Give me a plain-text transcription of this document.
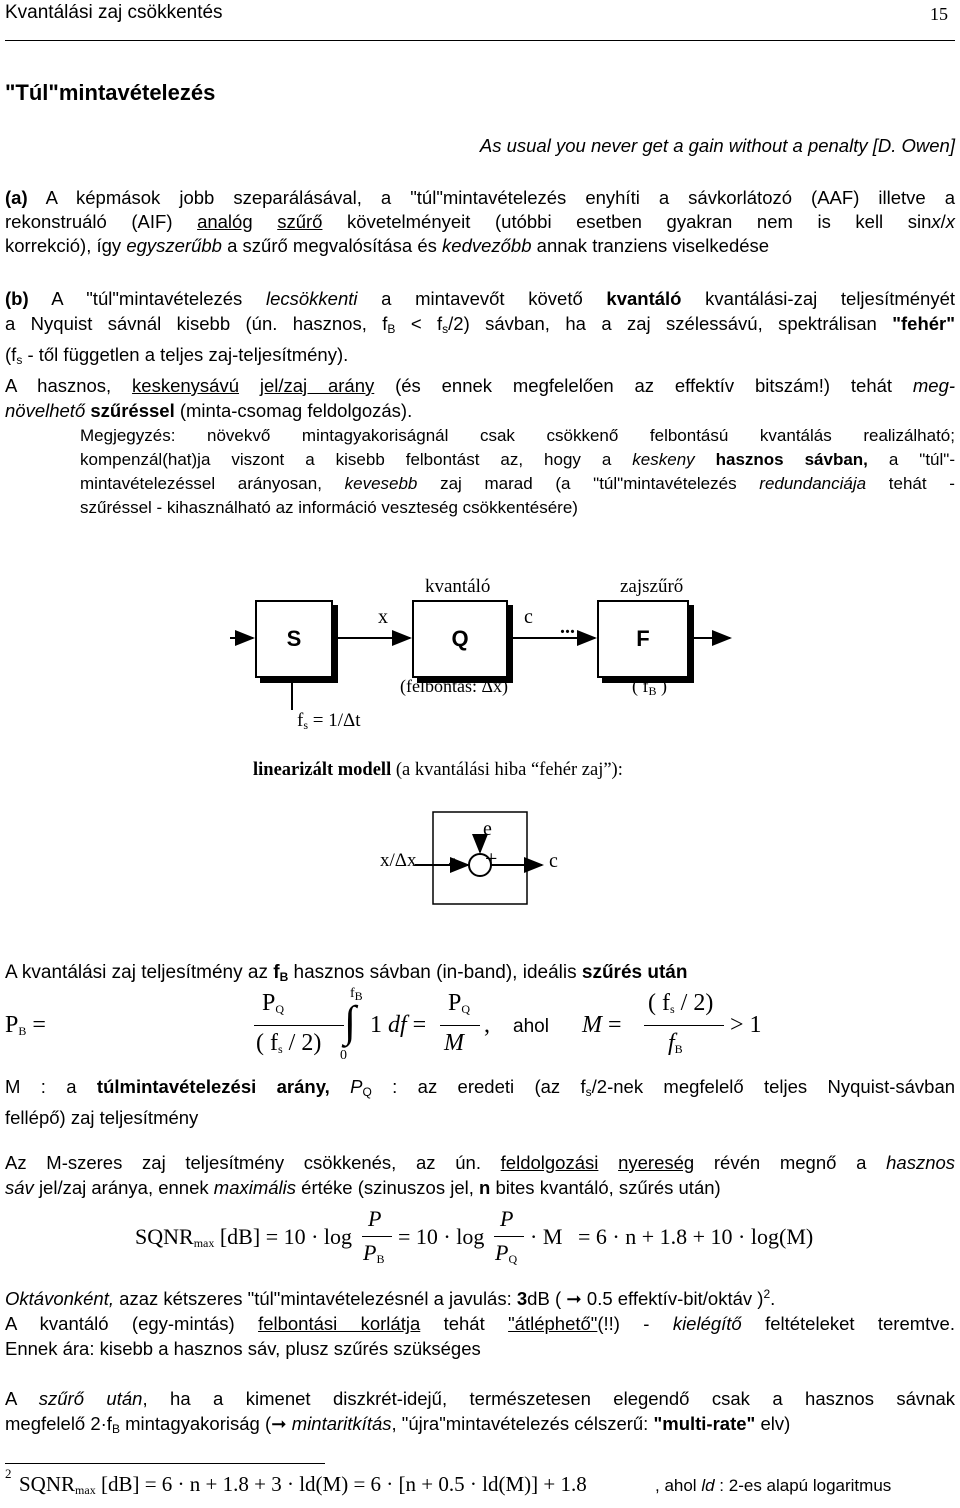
Kvantálási zaj csökkentés	15
"Túl"mintavételezés
As usual you never get a gain without a penalty [D. Owen]
(a) A képmások jobb szeparálásával, a "túl"mintavételezés enyhíti a sávkorlátozó (AAF) illetve a
rekonstruáló (AIF) analóg szűrő követelményeit (utóbbi esetben gyakran nem is kell sinx/x
korrekció), így egyszerűbb a szűrő megvalósítása és kedvezőbb annak tranziens viselkedése
(b) A "túl"mintavételezés lecsökkenti a mintavevőt követő kvantáló kvantálási-zaj teljesítményét
a Nyquist sávnál kisebb (ún. hasznos, $f_B < f_s/2$) sávban, ha a zaj szélessávú, spektrálisan "fehér"
($f_s$ - től független a teljes zaj-teljesítmény).
A hasznos, keskenysávú jel/zaj arány (és ennek megfelelően az effektív bitszám!) tehát meg-
növelhető szűréssel (minta-csomag feldolgozás).
Megjegyzés: növekvő mintagyakoriságnál csak csökkenő felbontású kvantálás realizálható;
kompenzál(hat)ja viszont a kisebb felbontást az, hogy a keskeny hasznos sávban, a "túl"-
mintavételezéssel arányosan, kevesebb zaj marad (a "túl"mintavételezés redundanciája tehát -
szűréssel - kihasználható az információ veszteség csökkentésére)
S	Q	F
kvantáló	zajszűrő
x	c ...
(felbontás: Δx)	( $f_B$ )
$f_s = 1/\Delta t$
linearizált modell (a kvantálási hiba “fehér zaj”):
x/Δx + +
e
c
A kvantálási zaj teljesítmény az $f_B$ hasznos sávban (in-band), ideális szűrés után
$P_B$ =
$P_Q$
( $f_s / 2$)
$f_B$
∫
0
1 df =
$P_Q$
M
, ahol M =
( $f_s / 2$)
$f_B$
> 1
M : a túlmintavételezési arány, $P_Q$ : az eredeti (az $f_s/2$-nek megfelelő teljes Nyquist-sávban
fellépő) zaj teljesítmény
Az M-szeres zaj teljesítmény csökkenés, az ún. feldolgozási nyereség révén megnő a hasznos
sáv jel/zaj aránya, ennek maximális értéke (szinuszos jel, n bites kvantáló, szűrés után)
$SQNR_{max}$ [dB] = 10 · log
P
$P_B$
= 10 · log
P
$P_Q$
· M = 6 · n + 1.8 + 10 · log(M)
Oktávonként, azaz kétszeres "túl"mintavételezésnél a javulás: 3dB ( ➞ 0.5 effektív-bit/oktáv )$^2$.
A kvantáló (egy-mintás) felbontási korlátja tehát "átléphető"(!!) - kielégítő feltételeket teremtve.
Ennek ára: kisebb a hasznos sáv, plusz szűrés szükséges
A szűrő után, ha a kimenet diszkrét-idejű, természetesen elegendő csak a hasznos sávnak
megfelelő $2\cdot f_B$ mintagyakoriság (➞ mintaritkítás, "újra"mintavételezés célszerű: "multi-rate" elv)
2 $SQNR_{max}$ [dB] = 6 · n + 1.8 + 3 · ld(M) = 6 · [n + 0.5 · ld(M)] + 1.8	, ahol ld : 2-es alapú logaritmus
